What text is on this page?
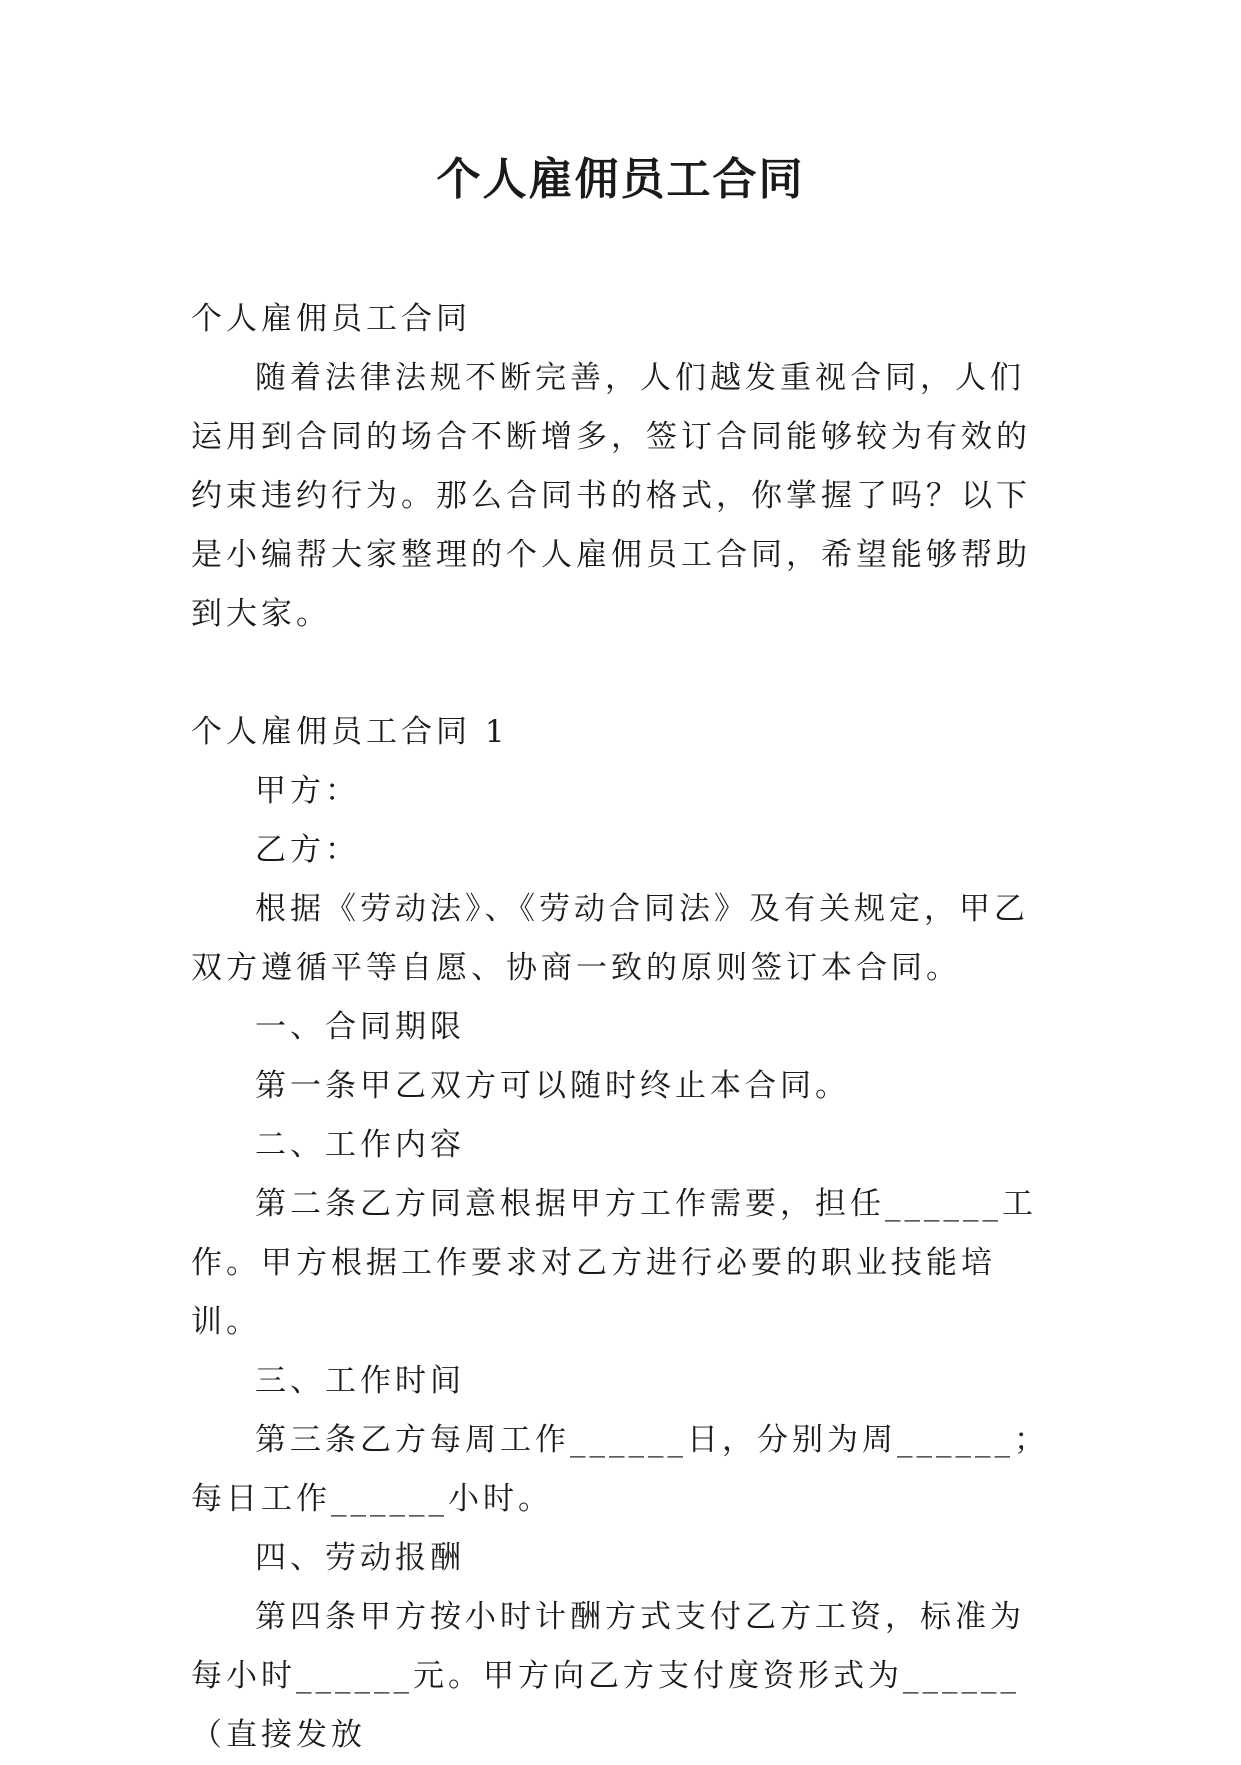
个人雇佣员工合同

个人雇佣员工合同

随着法律法规不断完善，人们越发重视合同，人们运用到合同的场合不断增多，签订合同能够较为有效的约束违约行为。那么合同书的格式，你掌握了吗？以下是小编帮大家整理的个人雇佣员工合同，希望能够帮助到大家。

个人雇佣员工合同 1

甲方：

乙方：

根据《劳动法》、《劳动合同法》及有关规定，甲乙双方遵循平等自愿、协商一致的原则签订本合同。

一、合同期限

第一条甲乙双方可以随时终止本合同。

二、工作内容

第二条乙方同意根据甲方工作需要，担任______工作。甲方根据工作要求对乙方进行必要的职业技能培训。

三、工作时间

第三条乙方每周工作______日，分别为周______；每日工作______小时。

四、劳动报酬

第四条甲方按小时计酬方式支付乙方工资，标准为每小时______元。甲方向乙方支付度资形式为______（直接发放
